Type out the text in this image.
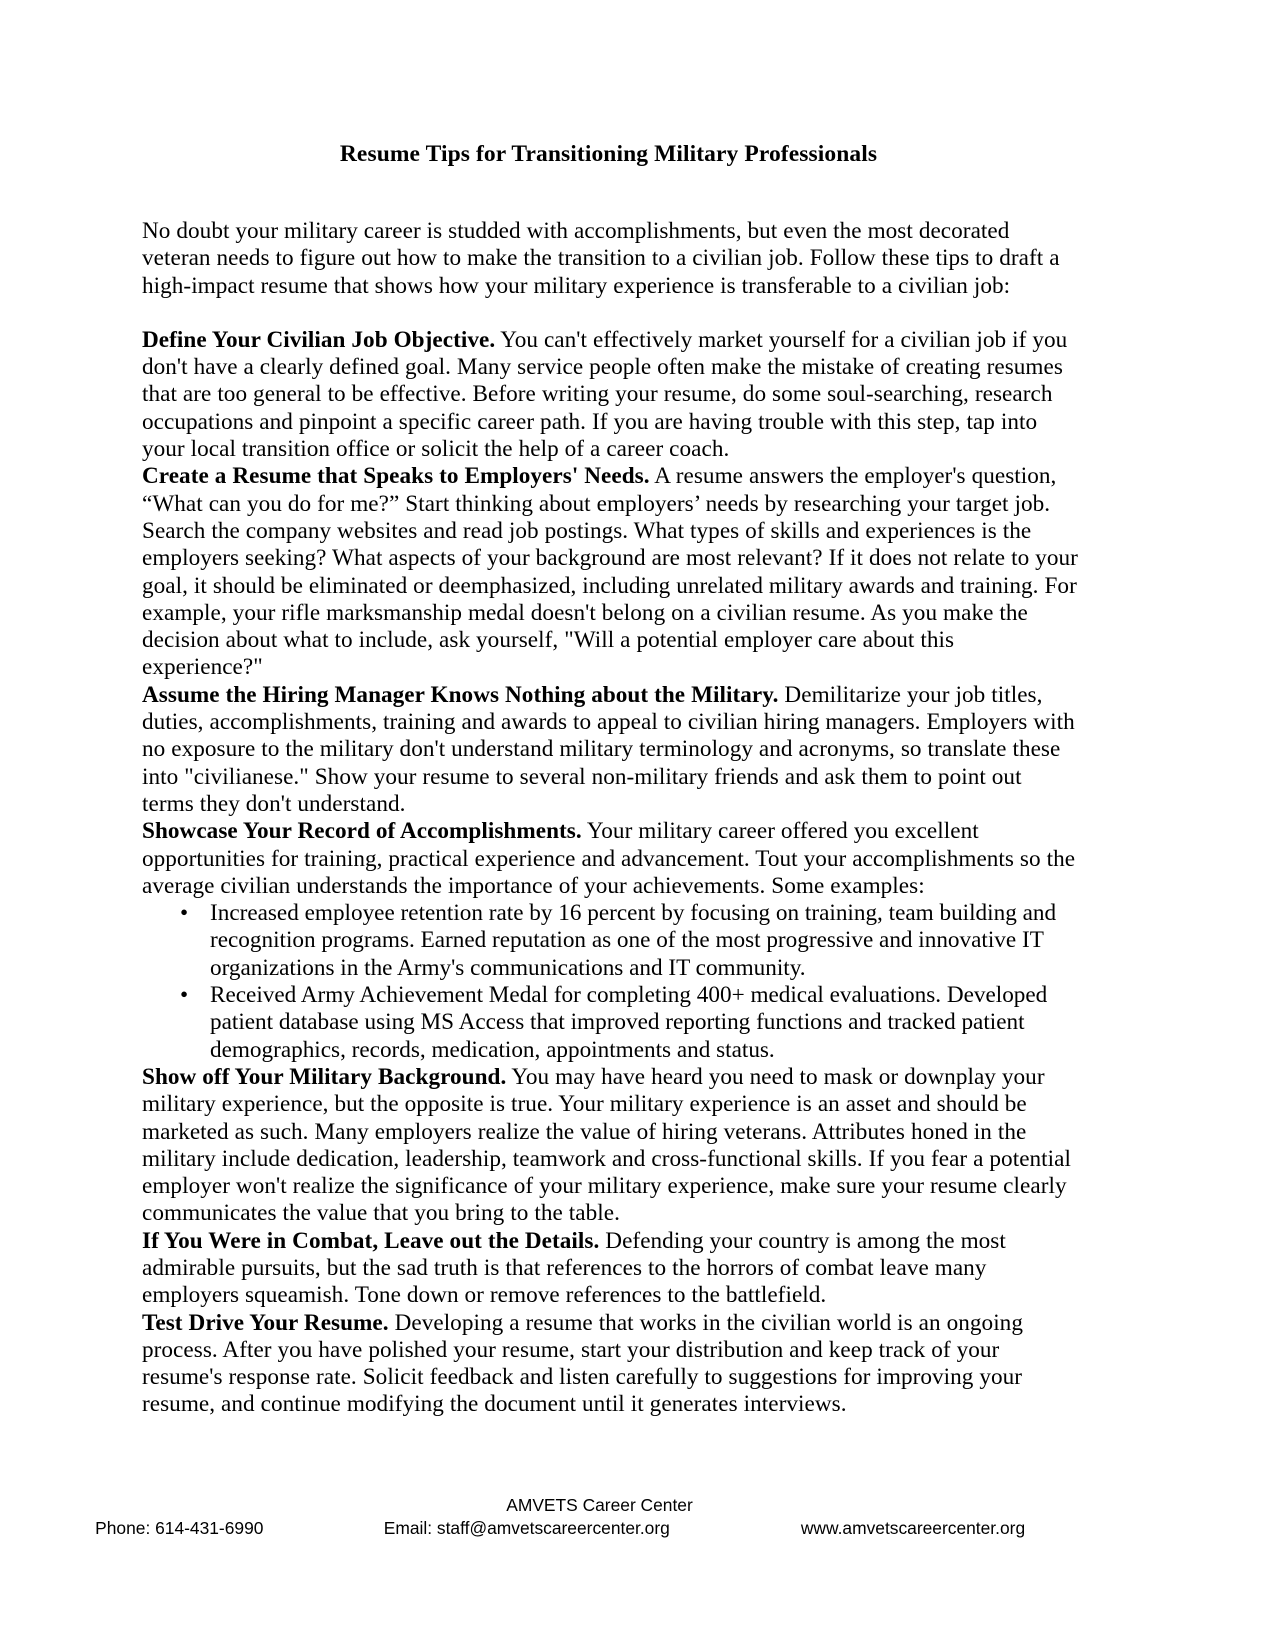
Resume Tips for Transitioning Military Professionals

No doubt your military career is studded with accomplishments, but even the most decorated veteran needs to figure out how to make the transition to a civilian job. Follow these tips to draft a high-impact resume that shows how your military experience is transferable to a civilian job:

Define Your Civilian Job Objective. You can't effectively market yourself for a civilian job if you don't have a clearly defined goal. Many service people often make the mistake of creating resumes that are too general to be effective. Before writing your resume, do some soul-searching, research occupations and pinpoint a specific career path. If you are having trouble with this step, tap into your local transition office or solicit the help of a career coach.

Create a Resume that Speaks to Employers' Needs. A resume answers the employer's question, “What can you do for me?” Start thinking about employers’ needs by researching your target job. Search the company websites and read job postings. What types of skills and experiences is the employers seeking? What aspects of your background are most relevant? If it does not relate to your goal, it should be eliminated or deemphasized, including unrelated military awards and training. For example, your rifle marksmanship medal doesn't belong on a civilian resume. As you make the decision about what to include, ask yourself, "Will a potential employer care about this experience?"

Assume the Hiring Manager Knows Nothing about the Military. Demilitarize your job titles, duties, accomplishments, training and awards to appeal to civilian hiring managers. Employers with no exposure to the military don't understand military terminology and acronyms, so translate these into "civilianese." Show your resume to several non-military friends and ask them to point out terms they don't understand.

Showcase Your Record of Accomplishments. Your military career offered you excellent opportunities for training, practical experience and advancement. Tout your accomplishments so the average civilian understands the importance of your achievements. Some examples:

• Increased employee retention rate by 16 percent by focusing on training, team building and recognition programs. Earned reputation as one of the most progressive and innovative IT organizations in the Army's communications and IT community.
• Received Army Achievement Medal for completing 400+ medical evaluations. Developed patient database using MS Access that improved reporting functions and tracked patient demographics, records, medication, appointments and status.

Show off Your Military Background. You may have heard you need to mask or downplay your military experience, but the opposite is true. Your military experience is an asset and should be marketed as such. Many employers realize the value of hiring veterans. Attributes honed in the military include dedication, leadership, teamwork and cross-functional skills. If you fear a potential employer won't realize the significance of your military experience, make sure your resume clearly communicates the value that you bring to the table.

If You Were in Combat, Leave out the Details. Defending your country is among the most admirable pursuits, but the sad truth is that references to the horrors of combat leave many employers squeamish. Tone down or remove references to the battlefield.

Test Drive Your Resume. Developing a resume that works in the civilian world is an ongoing process. After you have polished your resume, start your distribution and keep track of your resume's response rate. Solicit feedback and listen carefully to suggestions for improving your resume, and continue modifying the document until it generates interviews.

AMVETS Career Center
Phone: 614-431-6990	Email: staff@amvetscareercenter.org	www.amvetscareercenter.org
